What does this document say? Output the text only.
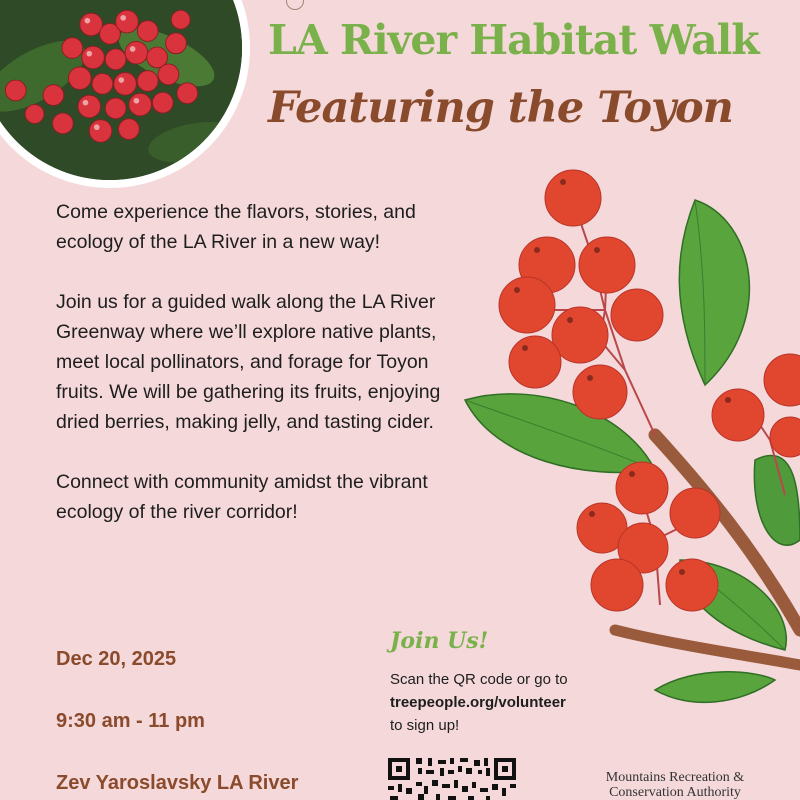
LA River Habitat Walk
Featuring the Toyon

Come experience the flavors, stories, and ecology of the LA River in a new way!

Join us for a guided walk along the LA River Greenway where we’ll explore native plants, meet local pollinators, and forage for Toyon fruits. We will be gathering its fruits, enjoying dried berries, making jelly, and tasting cider.

Connect with community amidst the vibrant ecology of the river corridor!

Dec 20, 2025
9:30 am - 11 pm
Zev Yaroslavsky LA River
Join Us!
Scan the QR code or go to
treepeople.org/volunteer
to sign up!
Mountains Recreation &
Conservation Authority
